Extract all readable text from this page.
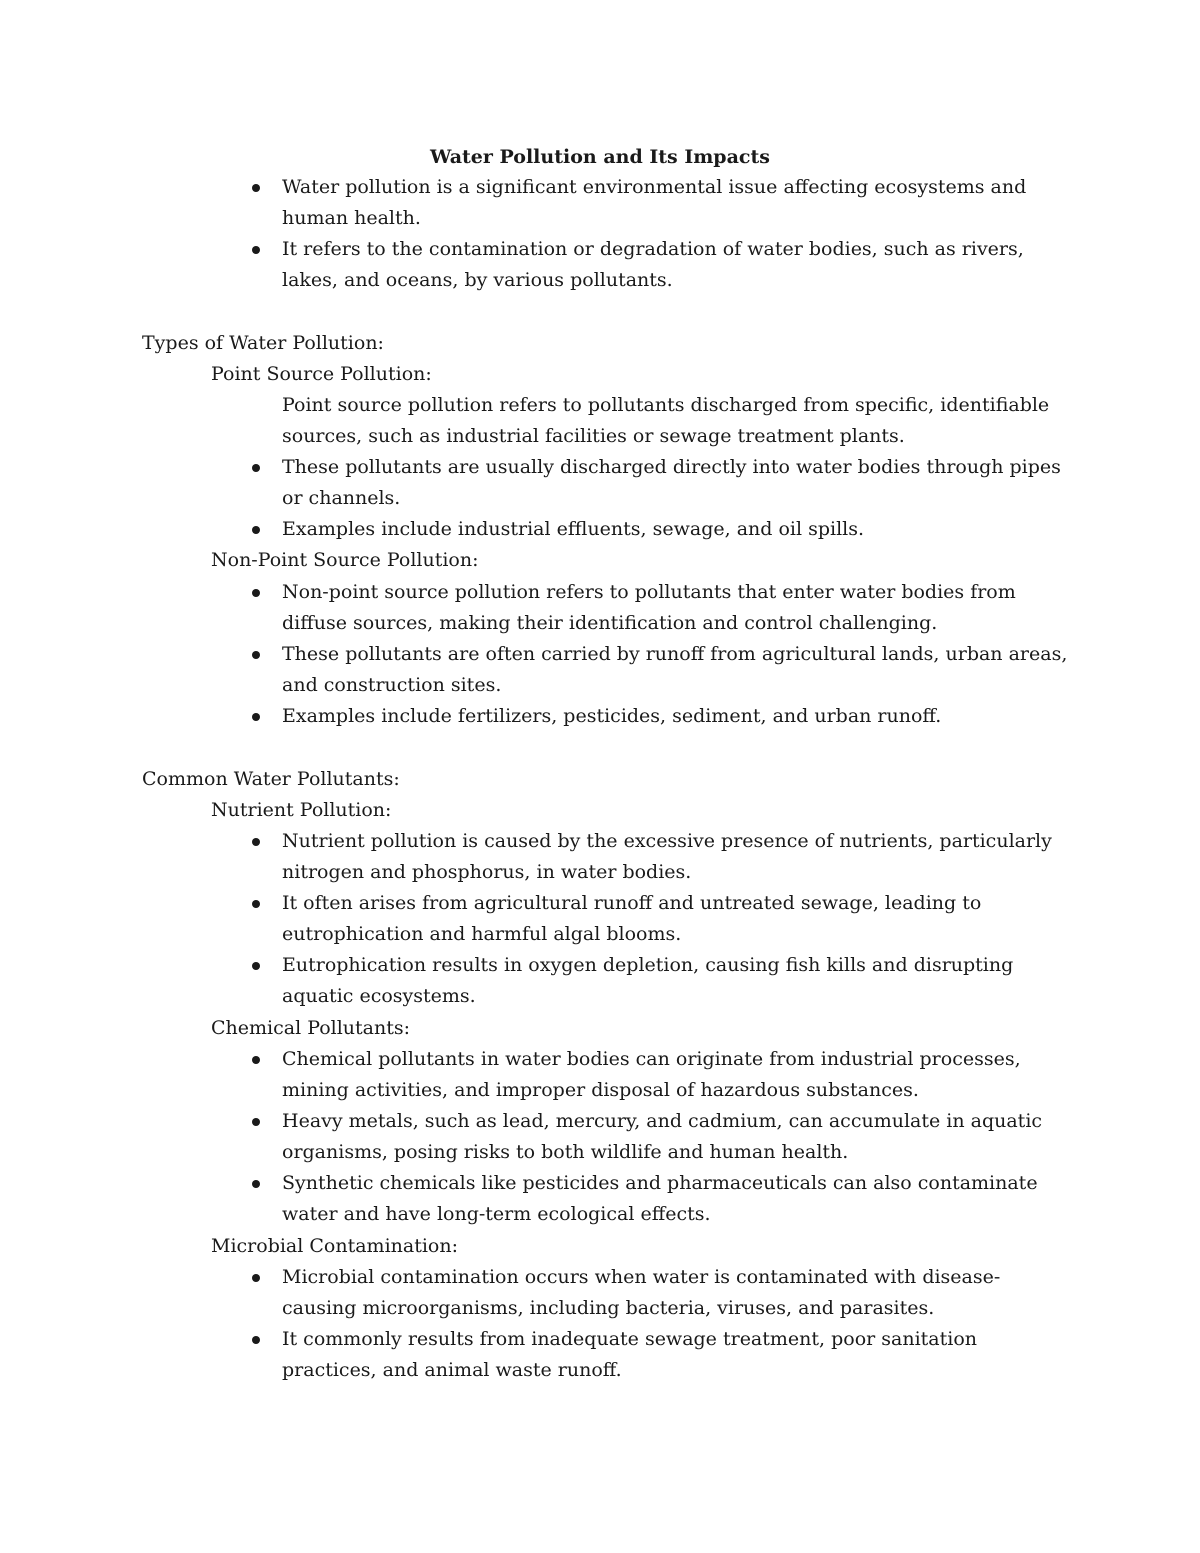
Water Pollution and Its Impacts
Water pollution is a significant environmental issue affecting ecosystems and human health.
It refers to the contamination or degradation of water bodies, such as rivers, lakes, and oceans, by various pollutants.
Types of Water Pollution:
Point Source Pollution:
Point source pollution refers to pollutants discharged from specific, identifiable sources, such as industrial facilities or sewage treatment plants.
These pollutants are usually discharged directly into water bodies through pipes or channels.
Examples include industrial effluents, sewage, and oil spills.
Non-Point Source Pollution:
Non-point source pollution refers to pollutants that enter water bodies from diffuse sources, making their identification and control challenging.
These pollutants are often carried by runoff from agricultural lands, urban areas, and construction sites.
Examples include fertilizers, pesticides, sediment, and urban runoff.
Common Water Pollutants:
Nutrient Pollution:
Nutrient pollution is caused by the excessive presence of nutrients, particularly nitrogen and phosphorus, in water bodies.
It often arises from agricultural runoff and untreated sewage, leading to eutrophication and harmful algal blooms.
Eutrophication results in oxygen depletion, causing fish kills and disrupting aquatic ecosystems.
Chemical Pollutants:
Chemical pollutants in water bodies can originate from industrial processes, mining activities, and improper disposal of hazardous substances.
Heavy metals, such as lead, mercury, and cadmium, can accumulate in aquatic organisms, posing risks to both wildlife and human health.
Synthetic chemicals like pesticides and pharmaceuticals can also contaminate water and have long-term ecological effects.
Microbial Contamination:
Microbial contamination occurs when water is contaminated with disease-causing microorganisms, including bacteria, viruses, and parasites.
It commonly results from inadequate sewage treatment, poor sanitation practices, and animal waste runoff.
